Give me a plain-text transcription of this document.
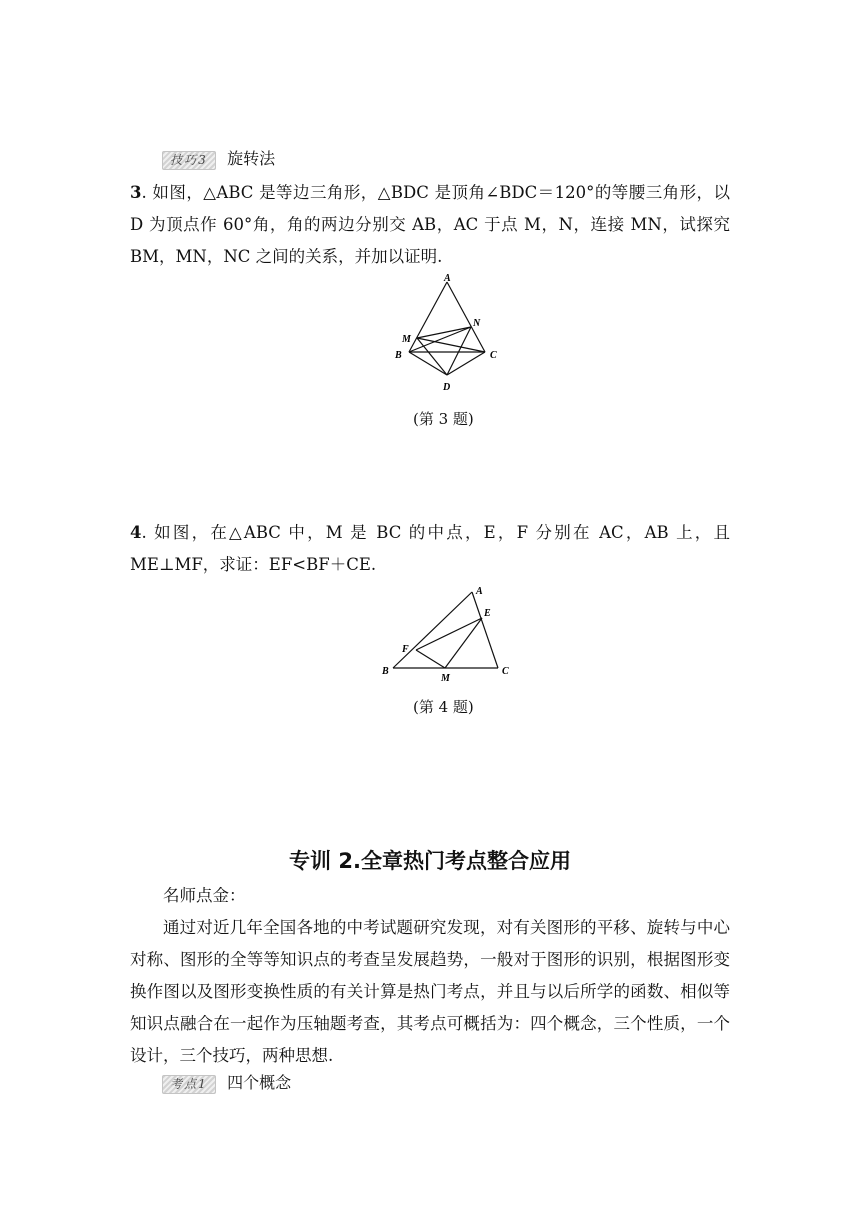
技巧3 旋转法
3. 如图，△ABC 是等边三角形，△BDC 是顶角∠BDC＝120°的等腰三角形，以 D 为顶点作 60°角，角的两边分别交 AB，AC 于点 M，N，连接 MN，试探究 BM，MN，NC 之间的关系，并加以证明.
A
M
N
B	C
D
(第 3 题)
4. 如图，在△ABC 中，M 是 BC 的中点，E，F 分别在 AC，AB 上，且 ME⊥MF，求证：EF<BF＋CE.
A
E
F
B	C
M
(第 4 题)
专训 2.全章热门考点整合应用
名师点金：
通过对近几年全国各地的中考试题研究发现，对有关图形的平移、旋转与中心对称、图形的全等等知识点的考查呈发展趋势，一般对于图形的识别，根据图形变换作图以及图形变换性质的有关计算是热门考点，并且与以后所学的函数、相似等知识点融合在一起作为压轴题考查，其考点可概括为：四个概念，三个性质，一个设计，三个技巧，两种思想.
考点1 四个概念
